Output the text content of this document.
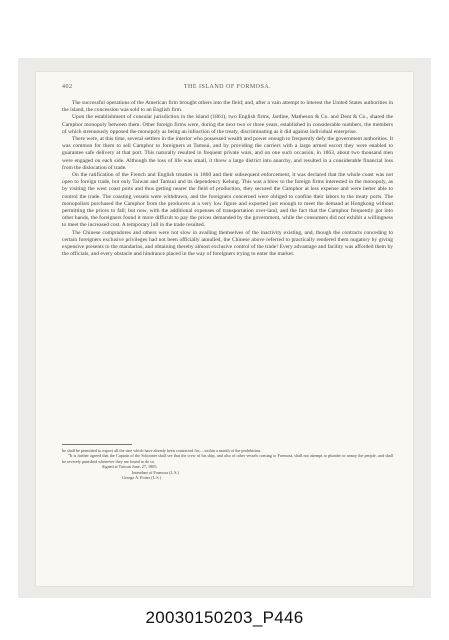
402	THE ISLAND OF FORMOSA.

The successful operations of the American firm brought others into the field; and, after a vain attempt to interest the United States authorities in the island, the concession was sold to an English firm.

Upon the establishment of consular jurisdiction in the island (1861), two English firms, Jardine, Matheson & Co. and Dent & Co., shared the Camphor monopoly between them. Other foreign firms were, during the next two or three years, established in considerable numbers, the members of which strenuously opposed the monopoly as being an infraction of the treaty, discriminating as it did against individual enterprise.

There were, at this time, several settlers in the interior who possessed wealth and power enough to frequently defy the government authorities. It was common for them to sell Camphor to foreigners at Tamsui, and by providing the carriers with a large armed escort they were enabled to guarantee safe delivery at that port. This naturally resulted in frequent private wars, and on one such occasion, in 1863, about two thousand men were engaged on each side. Although the loss of life was small, it threw a large district into anarchy, and resulted in a considerable financial loss from the dislocation of trade.

On the ratification of the French and English treaties in 1860 and their subsequent enforcement, it was declared that the whole coast was not open to foreign trade, but only Taiwan and Tamsui and its dependency Kelung. This was a blow to the foreign firms interested in the monopoly, as by visiting the west coast ports and thus getting nearer the field of production, they secured the Camphor at less expense and were better able to control the trade. The coasting vessels were withdrawn, and the foreigners concerned were obliged to confine their labors to the treaty ports. The monopolists purchased the Camphor from the producers at a very low figure and exported just enough to meet the demand at Hongkong without permitting the prices to fall; but now, with the additional expenses of transportation over-land, and the fact that the Camphor frequently got into other hands, the foreigners found it more difficult to pay the prices demanded by the government, while the consumers did not exhibit a willingness to meet the increased cost. A temporary lull in the trade resulted.

The Chinese compradores and others were not slow in availing themselves of the inactivity existing, and, though the contracts conceding to certain foreigners exclusive privileges had not been officially annulled, the Chinese above referred to practically rendered them nugatory by giving expensive presents to the mandarins, and obtaining thereby almost exclusive control of the trade! Every advantage and facility was afforded them by the officials, and every obstacle and hindrance placed in the way of foreigners trying to enter the market.

be shall be permitted to export all the sine which have already been contracted for,—within a month of the prohibition.

"It is further agreed that the Captain of the Schooner shall see that the crew of his ship, and also of other vessels coming to Formosa, shall not attempt to plunder or annoy the people, and shall be severely punished whenever they are found to do so.

Signed at Taiwan June, 27, 1865.

Intendant of Formosa (L.S.)

George A. Potter (L.S.)

20030150203_P446
